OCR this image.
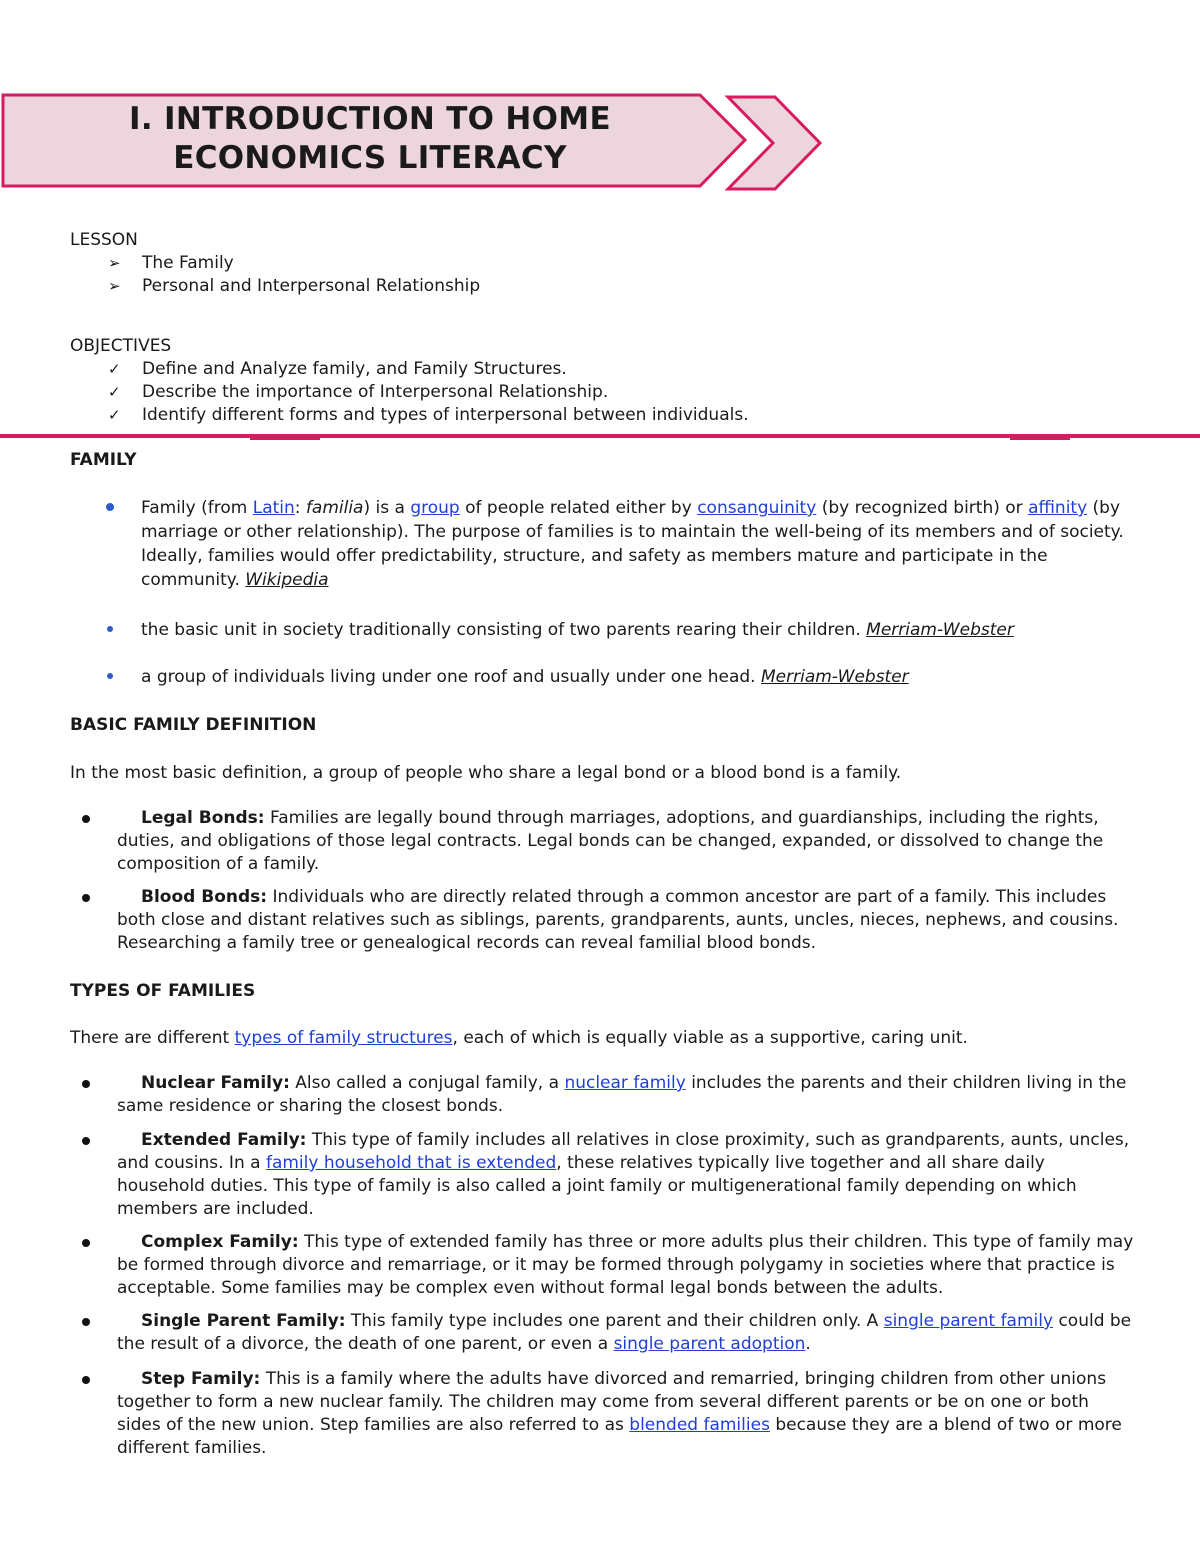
I. INTRODUCTION TO HOME
ECONOMICS LITERACY
LESSON
➢ The Family
➢ Personal and Interpersonal Relationship
OBJECTIVES
✓ Define and Analyze family, and Family Structures.
✓ Describe the importance of Interpersonal Relationship.
✓ Identify different forms and types of interpersonal between individuals.
FAMILY
Family (from Latin: familia) is a group of people related either by consanguinity (by recognized birth) or affinity (by marriage or other relationship). The purpose of families is to maintain the well-being of its members and of society. Ideally, families would offer predictability, structure, and safety as members mature and participate in the community. Wikipedia
the basic unit in society traditionally consisting of two parents rearing their children. Merriam-Webster
a group of individuals living under one roof and usually under one head. Merriam-Webster
BASIC FAMILY DEFINITION
In the most basic definition, a group of people who share a legal bond or a blood bond is a family.
Legal Bonds: Families are legally bound through marriages, adoptions, and guardianships, including the rights, duties, and obligations of those legal contracts. Legal bonds can be changed, expanded, or dissolved to change the composition of a family.
Blood Bonds: Individuals who are directly related through a common ancestor are part of a family. This includes both close and distant relatives such as siblings, parents, grandparents, aunts, uncles, nieces, nephews, and cousins. Researching a family tree or genealogical records can reveal familial blood bonds.
TYPES OF FAMILIES
There are different types of family structures, each of which is equally viable as a supportive, caring unit.
Nuclear Family: Also called a conjugal family, a nuclear family includes the parents and their children living in the same residence or sharing the closest bonds.
Extended Family: This type of family includes all relatives in close proximity, such as grandparents, aunts, uncles, and cousins. In a family household that is extended, these relatives typically live together and all share daily household duties. This type of family is also called a joint family or multigenerational family depending on which members are included.
Complex Family: This type of extended family has three or more adults plus their children. This type of family may be formed through divorce and remarriage, or it may be formed through polygamy in societies where that practice is acceptable. Some families may be complex even without formal legal bonds between the adults.
Single Parent Family: This family type includes one parent and their children only. A single parent family could be the result of a divorce, the death of one parent, or even a single parent adoption.
Step Family: This is a family where the adults have divorced and remarried, bringing children from other unions together to form a new nuclear family. The children may come from several different parents or be on one or both sides of the new union. Step families are also referred to as blended families because they are a blend of two or more different families.
